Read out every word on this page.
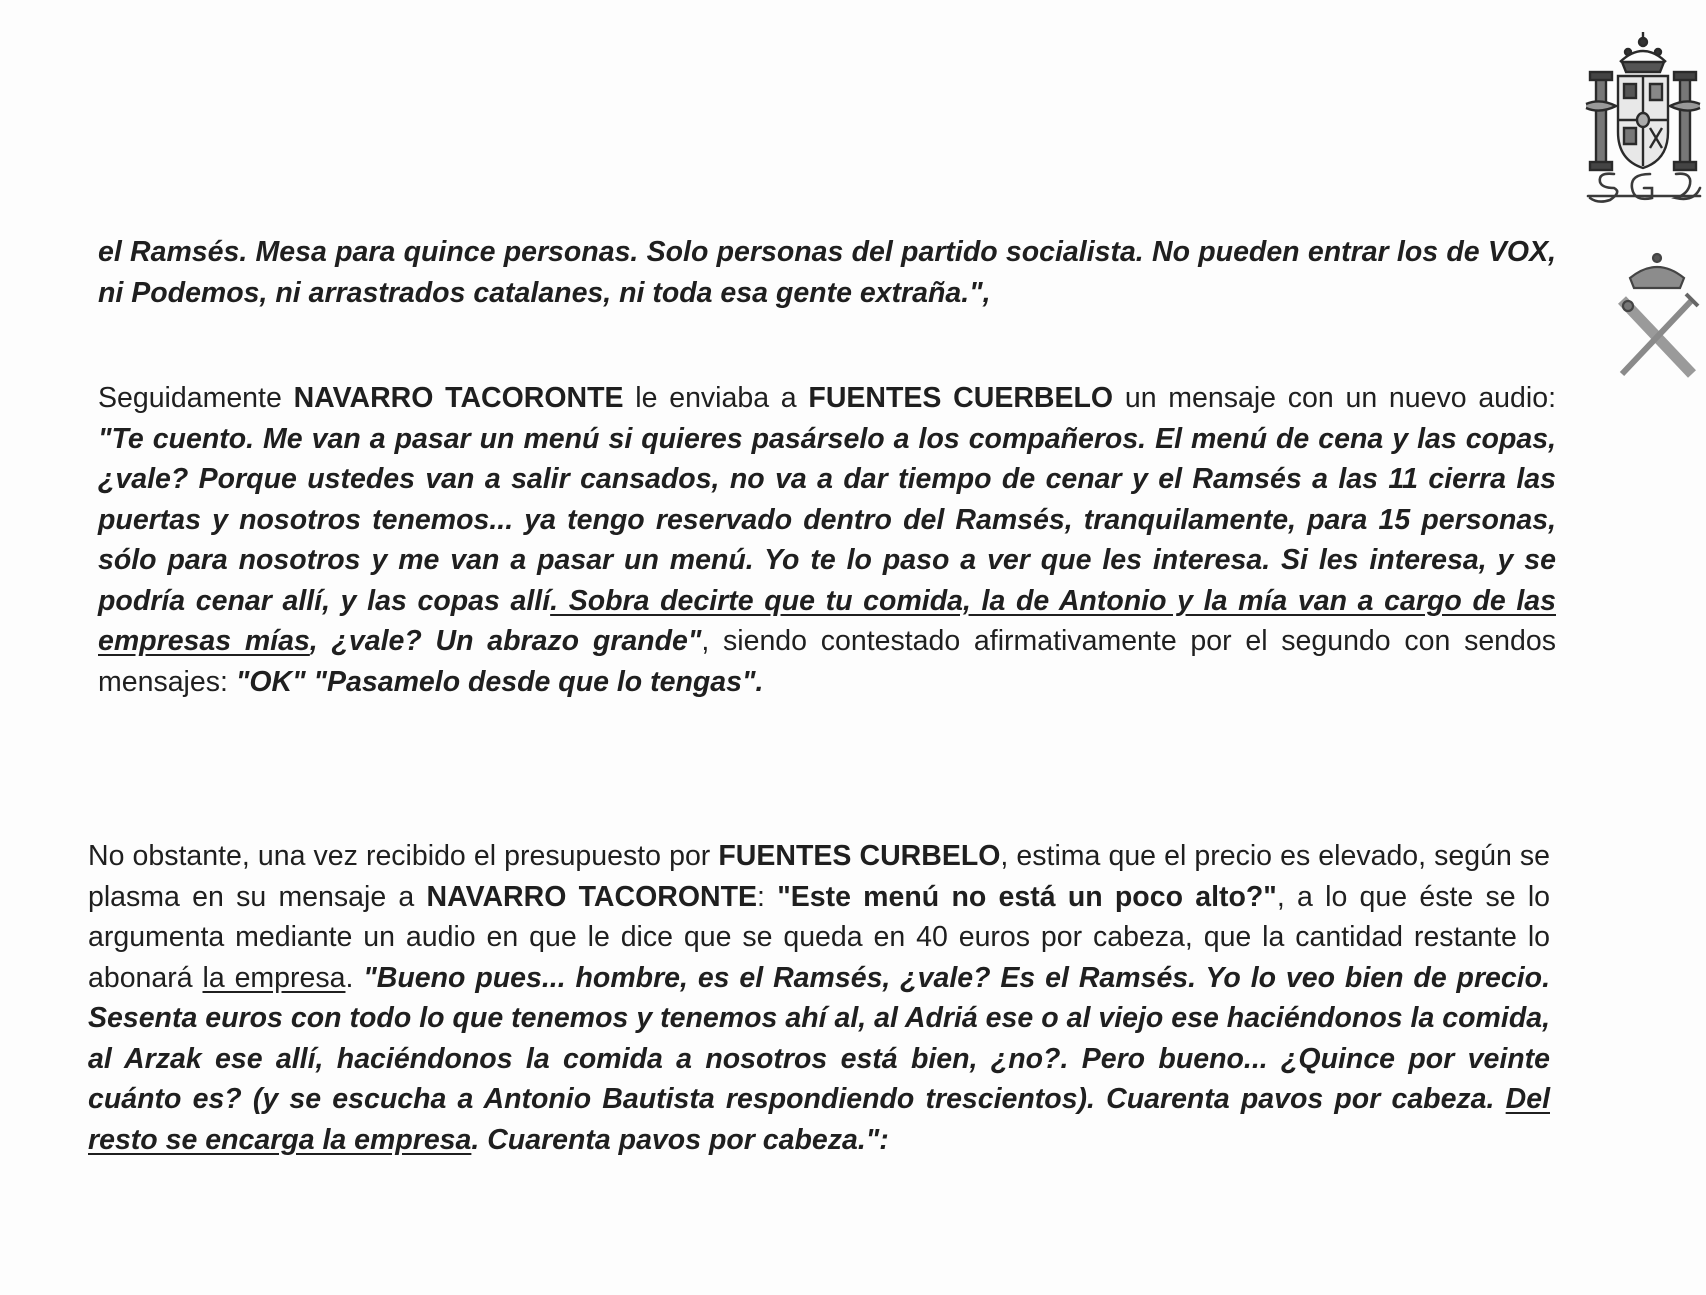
el Ramsés. Mesa para quince personas. Solo personas del partido socialista. No pueden entrar los de VOX, ni Podemos, ni arrastrados catalanes, ni toda esa gente extraña.",

Seguidamente NAVARRO TACORONTE le enviaba a FUENTES CUERBELO un mensaje con un nuevo audio: "Te cuento. Me van a pasar un menú si quieres pasárselo a los compañeros. El menú de cena y las copas, ¿vale? Porque ustedes van a salir cansados, no va a dar tiempo de cenar y el Ramsés a las 11 cierra las puertas y nosotros tenemos... ya tengo reservado dentro del Ramsés, tranquilamente, para 15 personas, sólo para nosotros y me van a pasar un menú. Yo te lo paso a ver que les interesa. Si les interesa, y se podría cenar allí, y las copas allí. Sobra decirte que tu comida, la de Antonio y la mía van a cargo de las empresas mías, ¿vale? Un abrazo grande", siendo contestado afirmativamente por el segundo con sendos mensajes: "OK" "Pasamelo desde que lo tengas".

No obstante, una vez recibido el presupuesto por FUENTES CURBELO, estima que el precio es elevado, según se plasma en su mensaje a NAVARRO TACORONTE: "Este menú no está un poco alto?", a lo que éste se lo argumenta mediante un audio en que le dice que se queda en 40 euros por cabeza, que la cantidad restante lo abonará la empresa. "Bueno pues... hombre, es el Ramsés, ¿vale? Es el Ramsés. Yo lo veo bien de precio. Sesenta euros con todo lo que tenemos y tenemos ahí al, al Adriá ese o al viejo ese haciéndonos la comida, al Arzak ese allí, haciéndonos la comida a nosotros está bien, ¿no?. Pero bueno... ¿Quince por veinte cuánto es? (y se escucha a Antonio Bautista respondiendo trescientos). Cuarenta pavos por cabeza. Del resto se encarga la empresa. Cuarenta pavos por cabeza.":
